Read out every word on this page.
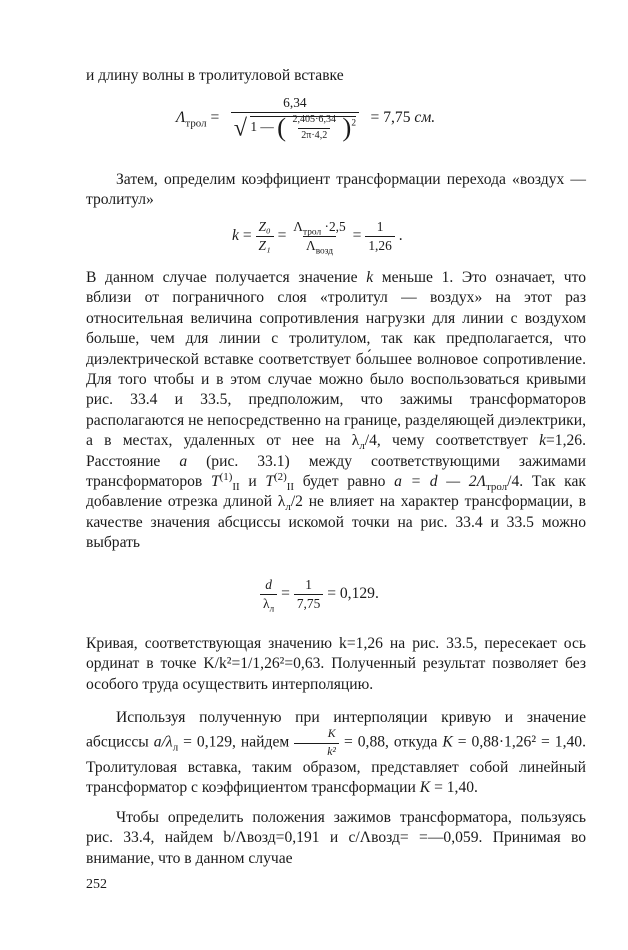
и длину волны в тролитуловой вставке

$\Lambda_{трол}$ =
6,34
√ 1 — ( $\frac{2,405\cdot 6,34}{2\pi\cdot 4,2} )^2 = 7,75$ см.

Затем, определим коэффициент трансформации перехода «воздух — тролитул»

$k = \frac{\text{Z₀}}{\text{Z₁}} = \frac{\Lambda_{трол} \cdot 2,5}{\Lambda_{возд}} = \frac{1}{1,26}$ .

В данном случае получается значение k меньше 1. Это означает, что вблизи от пограничного слоя «тролитул — воздух» на этот раз относительная величина сопротивления нагрузки для линии с воздухом больше, чем для линии с тролитулом, так как предполагается, что диэлектрической вставке соответствует бо́льшее волновое сопротивление. Для того чтобы и в этом случае можно было воспользоваться кривыми рис. 33.4 и 33.5, предположим, что зажимы трансформаторов располагаются не непосредственно на границе, разделяющей диэлектрики, а в местах, удаленных от нее на $\lambda_л/4$, чему соответствует k=1,26. Расстояние a (рис. 33.1) между соответствующими зажимами трансформаторов $T^{(1)}_{II}$ и $T^{(2)}_{II}$ будет равно a = d — $2\Lambda_{трол}/4$. Так как добавление отрезка длиной $\lambda_л/2$ не влияет на характер трансформации, в качестве значения абсциссы искомой точки на рис. 33.4 и 33.5 можно выбрать

$\frac{d}{\lambda_л} = \frac{1}{7,75} = 0,129$.

Кривая, соответствующая значению k=1,26 на рис. 33.5, пересекает ось ординат в точке K/k²=1/1,26²=0,63. Полученный результат позволяет без особого труда осуществить интерполяцию.

Используя полученную при интерполяции кривую и значение абсциссы $a/\lambda_л = 0,129$, найдем $\frac{K}{\text{k²}} = 0,88$, откуда K = 0,88·1,26² = 1,40. Тролитуловая вставка, таким образом, представляет собой линейный трансформатор с коэффициентом трансформации K = 1,40.

Чтобы определить положения зажимов трансформатора, пользуясь рис. 33.4, найдем b/Λвозд=0,191 и c/Λвозд= =—0,059. Принимая во внимание, что в данном случае

252
